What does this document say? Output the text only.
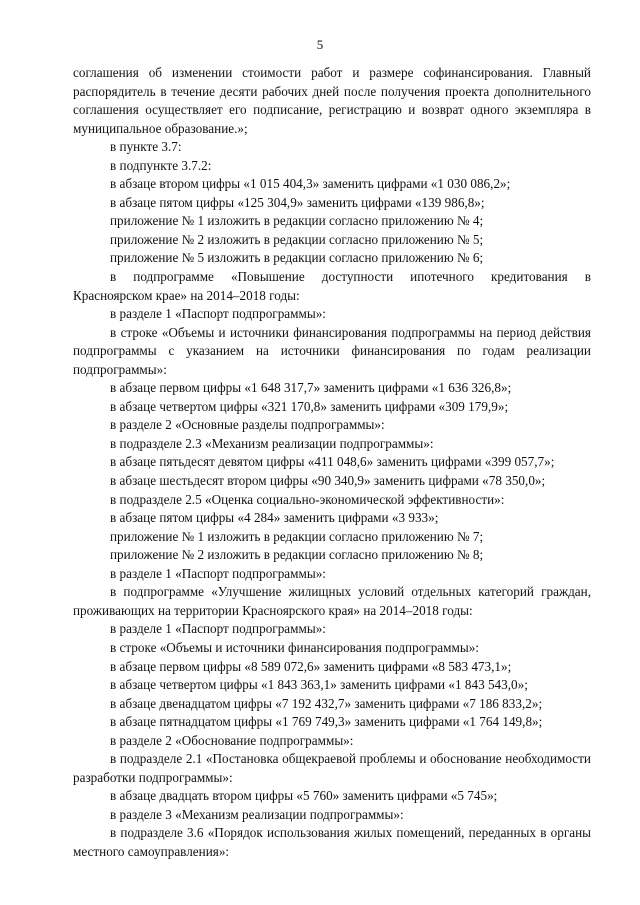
5

соглашения об изменении стоимости работ и размере софинансирования. Главный распорядитель в течение десяти рабочих дней после получения проекта дополнительного соглашения осуществляет его подписание, регистрацию и возврат одного экземпляра в муниципальное образование.»;

в пункте 3.7:

в подпункте 3.7.2:

в абзаце втором цифры «1 015 404,3» заменить цифрами «1 030 086,2»;

в абзаце пятом цифры «125 304,9» заменить цифрами «139 986,8»;

приложение № 1 изложить в редакции согласно приложению № 4;

приложение № 2 изложить в редакции согласно приложению № 5;

приложение № 5 изложить в редакции согласно приложению № 6;

в подпрограмме «Повышение доступности ипотечного кредитования в Красноярском крае» на 2014–2018 годы:

в разделе 1 «Паспорт подпрограммы»:

в строке «Объемы и источники финансирования подпрограммы на период действия подпрограммы с указанием на источники финансирования по годам реализации подпрограммы»:

в абзаце первом цифры «1 648 317,7» заменить цифрами «1 636 326,8»;

в абзаце четвертом цифры «321 170,8» заменить цифрами «309 179,9»;

в разделе 2 «Основные разделы подпрограммы»:

в подразделе 2.3 «Механизм реализации подпрограммы»:

в абзаце пятьдесят девятом цифры «411 048,6» заменить цифрами «399 057,7»;

в абзаце шестьдесят втором цифры «90 340,9» заменить цифрами «78 350,0»;

в подразделе 2.5 «Оценка социально-экономической эффективности»:

в абзаце пятом цифры «4 284» заменить цифрами «3 933»;

приложение № 1 изложить в редакции согласно приложению № 7;

приложение № 2 изложить в редакции согласно приложению № 8;

в разделе 1 «Паспорт подпрограммы»:

в подпрограмме «Улучшение жилищных условий отдельных категорий граждан, проживающих на территории Красноярского края» на 2014–2018 годы:

в разделе 1 «Паспорт подпрограммы»:

в строке «Объемы и источники финансирования подпрограммы»:

в абзаце первом цифры «8 589 072,6» заменить цифрами «8 583 473,1»;

в абзаце четвертом цифры «1 843 363,1» заменить цифрами «1 843 543,0»;

в абзаце двенадцатом цифры «7 192 432,7» заменить цифрами «7 186 833,2»;

в абзаце пятнадцатом цифры «1 769 749,3» заменить цифрами «1 764 149,8»;

в разделе 2 «Обоснование подпрограммы»:

в подразделе 2.1 «Постановка общекраевой проблемы и обоснование необходимости разработки подпрограммы»:

в абзаце двадцать втором цифры «5 760» заменить цифрами «5 745»;

в разделе 3 «Механизм реализации подпрограммы»:

в подразделе 3.6 «Порядок использования жилых помещений, переданных в органы местного самоуправления»:
